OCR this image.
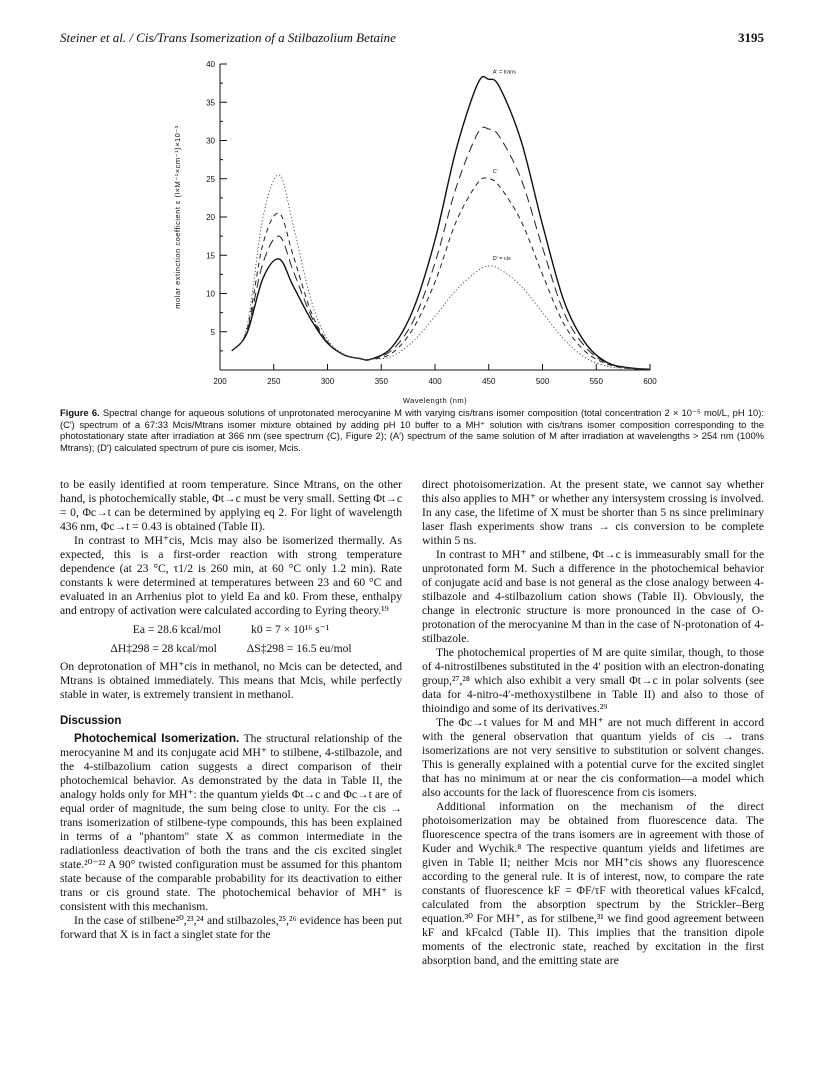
Steiner et al. / Cis/Trans Isomerization of a Stilbazolium Betaine	3195
200	250	300	350	400	450	500	550	600
5
10
15
20
25
30
35
40
Wavelength (nm)
molar extinction coefficient ε (l×M⁻¹×cm⁻¹)×10⁻³
A' = trans
C'
D' = cis
Figure 6. Spectral change for aqueous solutions of unprotonated merocyanine M with varying cis/trans isomer composition (total concentration 2 × 10⁻⁵ mol/L, pH 10): (C′) spectrum of a 67:33 Mcis/Mtrans isomer mixture obtained by adding pH 10 buffer to a MH⁺ solution with cis/trans isomer composition corresponding to the photostationary state after irradiation at 366 nm (see spectrum (C), Figure 2); (A′) spectrum of the same solution of M after irradiation at wavelengths > 254 nm (100% Mtrans); (D′) calculated spectrum of pure cis isomer, Mcis.

to be easily identified at room temperature. Since Mtrans, on the other hand, is photochemically stable, Φt→c must be very small. Setting Φt→c = 0, Φc→t can be determined by applying eq 2. For light of wavelength 436 nm, Φc→t = 0.43 is obtained (Table II).

In contrast to MH⁺cis, Mcis may also be isomerized thermally. As expected, this is a first-order reaction with strong temperature dependence (at 23 °C, τ1/2 is 260 min, at 60 °C only 1.2 min). Rate constants k were determined at temperatures between 23 and 60 °C and evaluated in an Arrhenius plot to yield Ea and k0. From these, enthalpy and entropy of activation were calculated according to Eyring theory.¹⁹

Ea = 28.6 kcal/mol	k0 = 7 × 10¹⁶ s⁻¹
ΔH‡298 = 28 kcal/mol	ΔS‡298 = 16.5 eu/mol

On deprotonation of MH⁺cis in methanol, no Mcis can be detected, and Mtrans is obtained immediately. This means that Mcis, while perfectly stable in water, is extremely transient in methanol.

Discussion

Photochemical Isomerization. The structural relationship of the merocyanine M and its conjugate acid MH⁺ to stilbene, 4-stilbazole, and the 4-stilbazolium cation suggests a direct comparison of their photochemical behavior. As demonstrated by the data in Table II, the analogy holds only for MH⁺: the quantum yields Φt→c and Φc→t are of equal order of magnitude, the sum being close to unity. For the cis → trans isomerization of stilbene-type compounds, this has been explained in terms of a "phantom" state X as common intermediate in the radiationless deactivation of both the trans and the cis excited singlet state.²⁰⁻²² A 90° twisted configuration must be assumed for this phantom state because of the comparable probability for its deactivation to either trans or cis ground state. The photochemical behavior of MH⁺ is consistent with this mechanism.

In the case of stilbene²⁰,²³,²⁴ and stilbazoles,²⁵,²⁶ evidence has been put forward that X is in fact a singlet state for the

direct photoisomerization. At the present state, we cannot say whether this also applies to MH⁺ or whether any intersystem crossing is involved. In any case, the lifetime of X must be shorter than 5 ns since preliminary laser flash experiments show trans → cis conversion to be complete within 5 ns.

In contrast to MH⁺ and stilbene, Φt→c is immeasurably small for the unprotonated form M. Such a difference in the photochemical behavior of conjugate acid and base is not general as the close analogy between 4-stilbazole and 4-stilbazolium cation shows (Table II). Obviously, the change in electronic structure is more pronounced in the case of O-protonation of the merocyanine M than in the case of N-protonation of 4-stilbazole.

The photochemical properties of M are quite similar, though, to those of 4-nitrostilbenes substituted in the 4′ position with an electron-donating group,²⁷,²⁸ which also exhibit a very small Φt→c in polar solvents (see data for 4-nitro-4′-methoxystilbene in Table II) and also to those of thioindigo and some of its derivatives.²⁹

The Φc→t values for M and MH⁺ are not much different in accord with the general observation that quantum yields of cis → trans isomerizations are not very sensitive to substitution or solvent changes. This is generally explained with a potential curve for the excited singlet that has no minimum at or near the cis conformation—a model which also accounts for the lack of fluorescence from cis isomers.

Additional information on the mechanism of the direct photoisomerization may be obtained from fluorescence data. The fluorescence spectra of the trans isomers are in agreement with those of Kuder and Wychik.⁸ The respective quantum yields and lifetimes are given in Table II; neither Mcis nor MH⁺cis shows any fluorescence according to the general rule. It is of interest, now, to compare the rate constants of fluorescence kF = ΦF/τF with theoretical values kFcalcd, calculated from the absorption spectrum by the Strickler–Berg equation.³⁰ For MH⁺, as for stilbene,³¹ we find good agreement between kF and kFcalcd (Table II). This implies that the transition dipole moments of the electronic state, reached by excitation in the first absorption band, and the emitting state are
